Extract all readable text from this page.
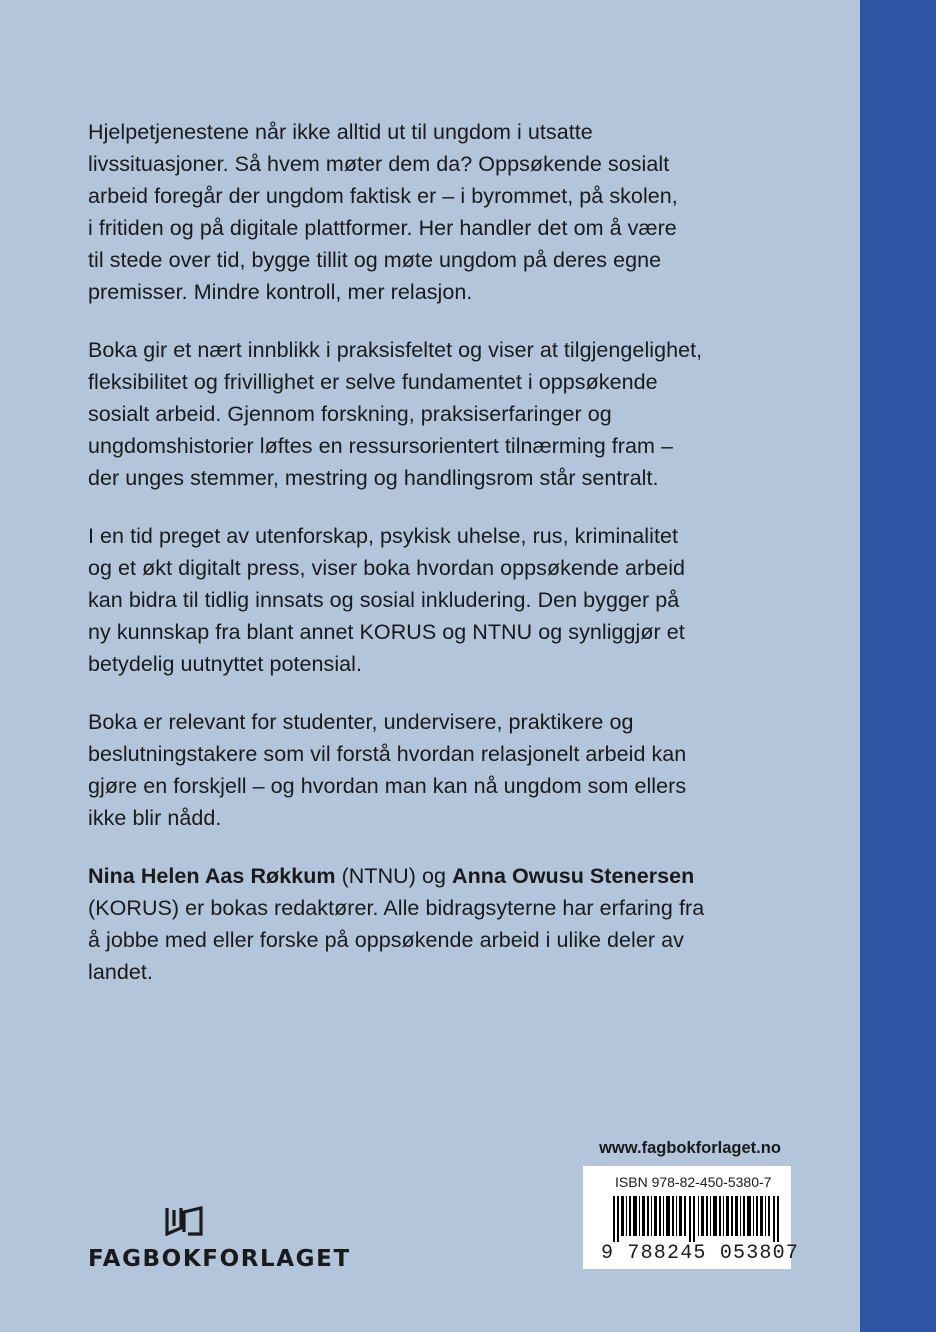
Hjelpetjenestene når ikke alltid ut til ungdom i utsatte
livssituasjoner. Så hvem møter dem da? Oppsøkende sosialt
arbeid foregår der ungdom faktisk er – i byrommet, på skolen,
i fritiden og på digitale plattformer. Her handler det om å være
til stede over tid, bygge tillit og møte ungdom på deres egne
premisser. Mindre kontroll, mer relasjon.

Boka gir et nært innblikk i praksisfeltet og viser at tilgjengelighet,
fleksibilitet og frivillighet er selve fundamentet i oppsøkende
sosialt arbeid. Gjennom forskning, praksiserfaringer og
ungdomshistorier løftes en ressursorientert tilnærming fram –
der unges stemmer, mestring og handlingsrom står sentralt.

I en tid preget av utenforskap, psykisk uhelse, rus, kriminalitet
og et økt digitalt press, viser boka hvordan oppsøkende arbeid
kan bidra til tidlig innsats og sosial inkludering. Den bygger på
ny kunnskap fra blant annet KORUS og NTNU og synliggjør et
betydelig uutnyttet potensial.

Boka er relevant for studenter, undervisere, praktikere og
beslutningstakere som vil forstå hvordan relasjonelt arbeid kan
gjøre en forskjell – og hvordan man kan nå ungdom som ellers
ikke blir nådd.

Nina Helen Aas Røkkum (NTNU) og Anna Owusu Stenersen
(KORUS) er bokas redaktører. Alle bidragsyterne har erfaring fra
å jobbe med eller forske på oppsøkende arbeid i ulike deler av
landet.

www.fagbokforlaget.no
ISBN 978-82-450-5380-7
9 788245 053807
FAGBOKFORLAGET
